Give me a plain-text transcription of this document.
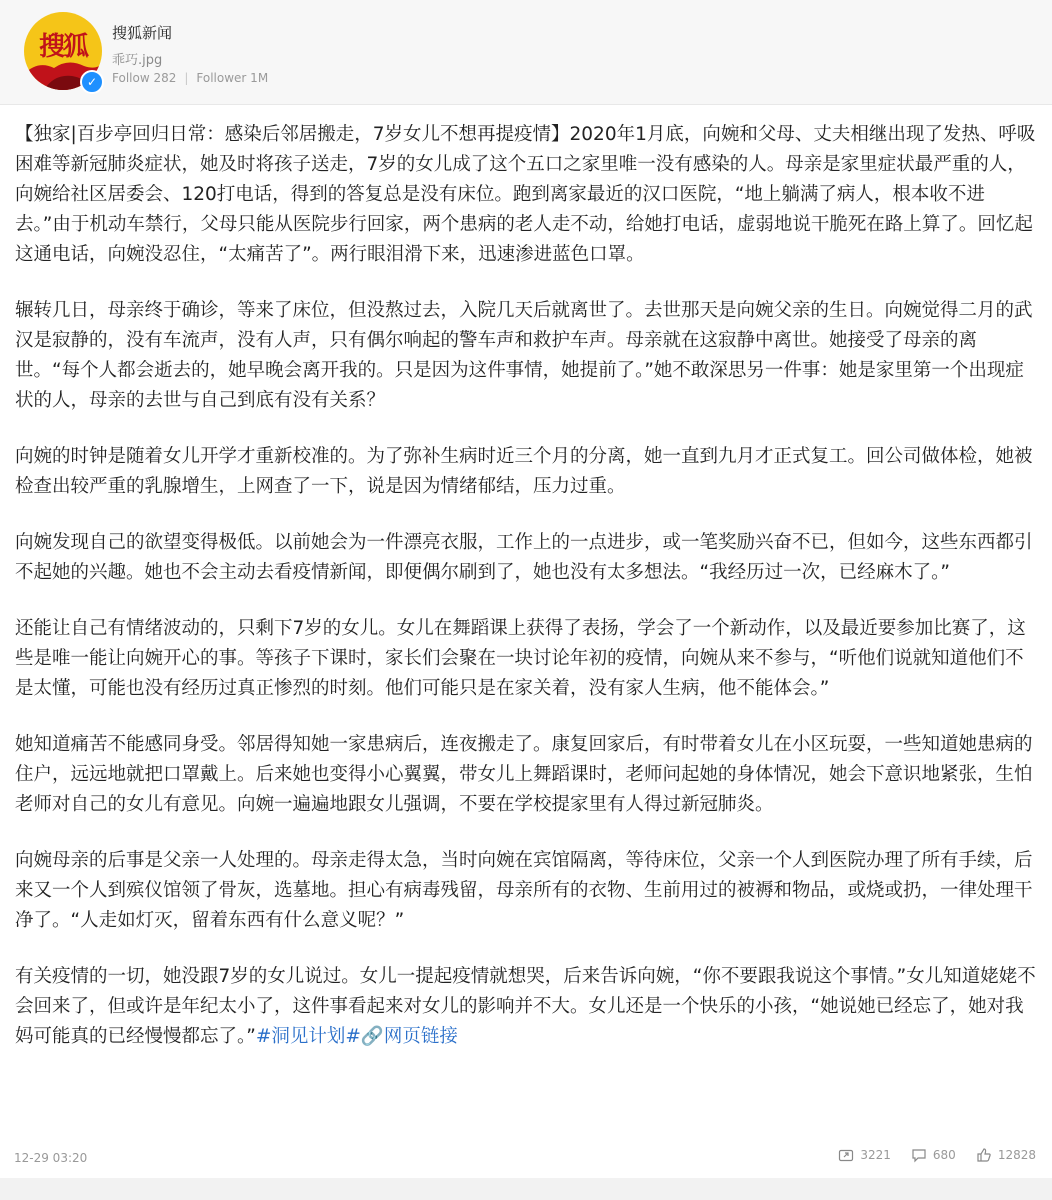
搜狐
✓
搜狐新闻
乖巧.jpg
Follow 282 | Follower 1M

【独家|百步亭回归日常：感染后邻居搬走，7岁女儿不想再提疫情】2020年1月底，向婉和父母、丈夫相继出现了发热、呼吸困难等新冠肺炎症状，她及时将孩子送走，7岁的女儿成了这个五口之家里唯一没有感染的人。母亲是家里症状最严重的人，向婉给社区居委会、120打电话，得到的答复总是没有床位。跑到离家最近的汉口医院，“地上躺满了病人，根本收不进去。”由于机动车禁行，父母只能从医院步行回家，两个患病的老人走不动，给她打电话，虚弱地说干脆死在路上算了。回忆起这通电话，向婉没忍住，“太痛苦了”。两行眼泪滑下来，迅速渗进蓝色口罩。

辗转几日，母亲终于确诊，等来了床位，但没熬过去，入院几天后就离世了。去世那天是向婉父亲的生日。向婉觉得二月的武汉是寂静的，没有车流声，没有人声，只有偶尔响起的警车声和救护车声。母亲就在这寂静中离世。她接受了母亲的离世。“每个人都会逝去的，她早晚会离开我的。只是因为这件事情，她提前了。”她不敢深思另一件事：她是家里第一个出现症状的人，母亲的去世与自己到底有没有关系？

向婉的时钟是随着女儿开学才重新校准的。为了弥补生病时近三个月的分离，她一直到九月才正式复工。回公司做体检，她被检查出较严重的乳腺增生，上网查了一下，说是因为情绪郁结，压力过重。

向婉发现自己的欲望变得极低。以前她会为一件漂亮衣服，工作上的一点进步，或一笔奖励兴奋不已，但如今，这些东西都引不起她的兴趣。她也不会主动去看疫情新闻，即便偶尔刷到了，她也没有太多想法。“我经历过一次，已经麻木了。”

还能让自己有情绪波动的，只剩下7岁的女儿。女儿在舞蹈课上获得了表扬，学会了一个新动作，以及最近要参加比赛了，这些是唯一能让向婉开心的事。等孩子下课时，家长们会聚在一块讨论年初的疫情，向婉从来不参与，“听他们说就知道他们不是太懂，可能也没有经历过真正惨烈的时刻。他们可能只是在家关着，没有家人生病，他不能体会。”

她知道痛苦不能感同身受。邻居得知她一家患病后，连夜搬走了。康复回家后，有时带着女儿在小区玩耍，一些知道她患病的住户，远远地就把口罩戴上。后来她也变得小心翼翼，带女儿上舞蹈课时，老师问起她的身体情况，她会下意识地紧张，生怕老师对自己的女儿有意见。向婉一遍遍地跟女儿强调，不要在学校提家里有人得过新冠肺炎。

向婉母亲的后事是父亲一人处理的。母亲走得太急，当时向婉在宾馆隔离，等待床位，父亲一个人到医院办理了所有手续，后来又一个人到殡仪馆领了骨灰，选墓地。担心有病毒残留，母亲所有的衣物、生前用过的被褥和物品，或烧或扔，一律处理干净了。“人走如灯灭，留着东西有什么意义呢？”

有关疫情的一切，她没跟7岁的女儿说过。女儿一提起疫情就想哭，后来告诉向婉，“你不要跟我说这个事情。”女儿知道姥姥不会回来了，但或许是年纪太小了，这件事看起来对女儿的影响并不大。女儿还是一个快乐的小孩，“她说她已经忘了，她对我妈可能真的已经慢慢都忘了。”#洞见计划#🔗网页链接

12-29 03:20	3221	680	12828
